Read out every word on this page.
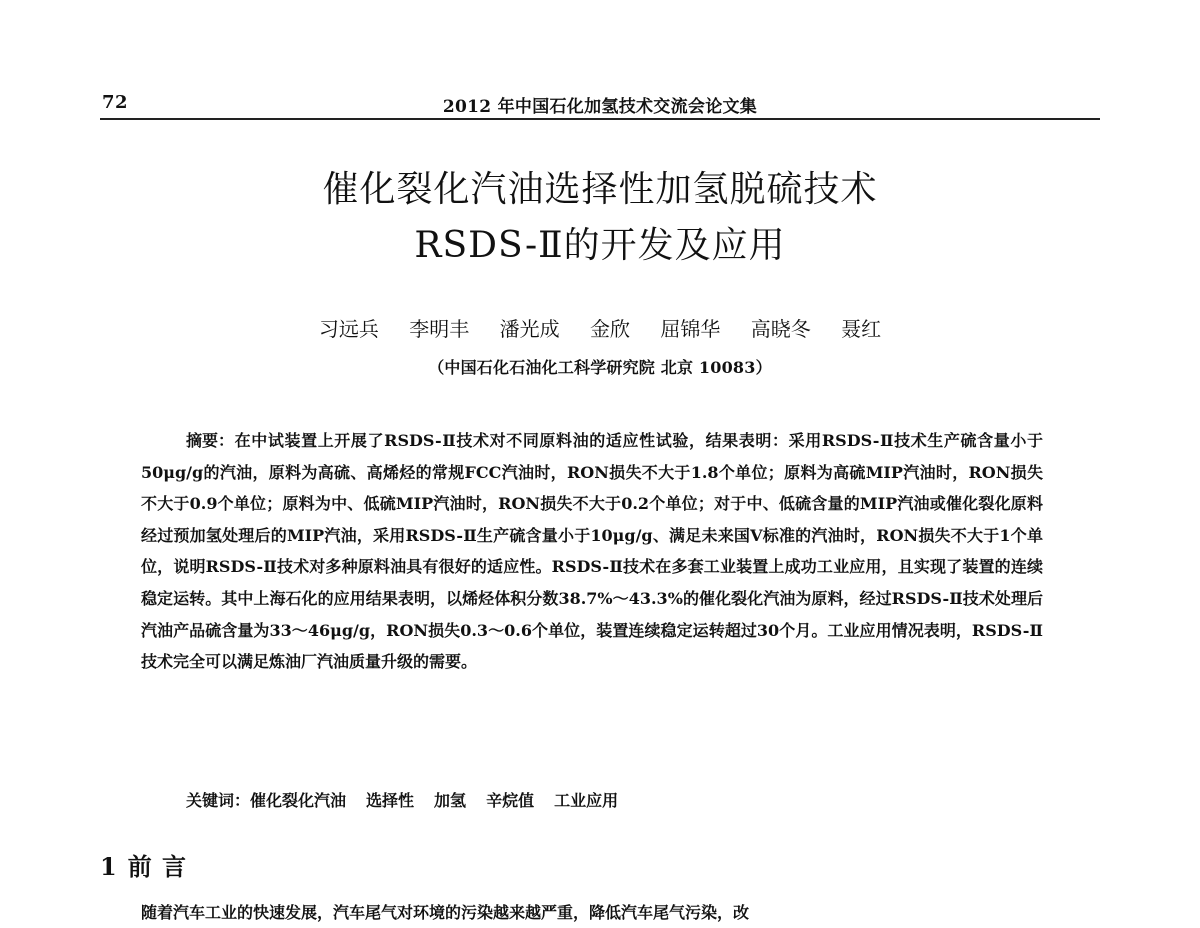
72	2012 年中国石化加氢技术交流会论文集
催化裂化汽油选择性加氢脱硫技术
RSDS-Ⅱ的开发及应用
习远兵 李明丰 潘光成 金欣 屈锦华 高晓冬 聂红
（中国石化石油化工科学研究院 北京 10083）
摘要：在中试装置上开展了RSDS-Ⅱ技术对不同原料油的适应性试验，结果表明：采用RSDS-Ⅱ技术生产硫含量小于50μg/g的汽油，原料为高硫、高烯烃的常规FCC汽油时，RON损失不大于1.8个单位；原料为高硫MIP汽油时，RON损失不大于0.9个单位；原料为中、低硫MIP汽油时，RON损失不大于0.2个单位；对于中、低硫含量的MIP汽油或催化裂化原料经过预加氢处理后的MIP汽油，采用RSDS-Ⅱ生产硫含量小于10μg/g、满足未来国V标准的汽油时，RON损失不大于1个单位，说明RSDS-Ⅱ技术对多种原料油具有很好的适应性。RSDS-Ⅱ技术在多套工业装置上成功工业应用，且实现了装置的连续稳定运转。其中上海石化的应用结果表明，以烯烃体积分数38.7%～43.3%的催化裂化汽油为原料，经过RSDS-Ⅱ技术处理后汽油产品硫含量为33～46μg/g，RON损失0.3～0.6个单位，装置连续稳定运转超过30个月。工业应用情况表明，RSDS-Ⅱ技术完全可以满足炼油厂汽油质量升级的需要。
关键词：催化裂化汽油 选择性 加氢 辛烷值 工业应用
1 前 言
随着汽车工业的快速发展，汽车尾气对环境的污染越来越严重，降低汽车尾气污染，改
